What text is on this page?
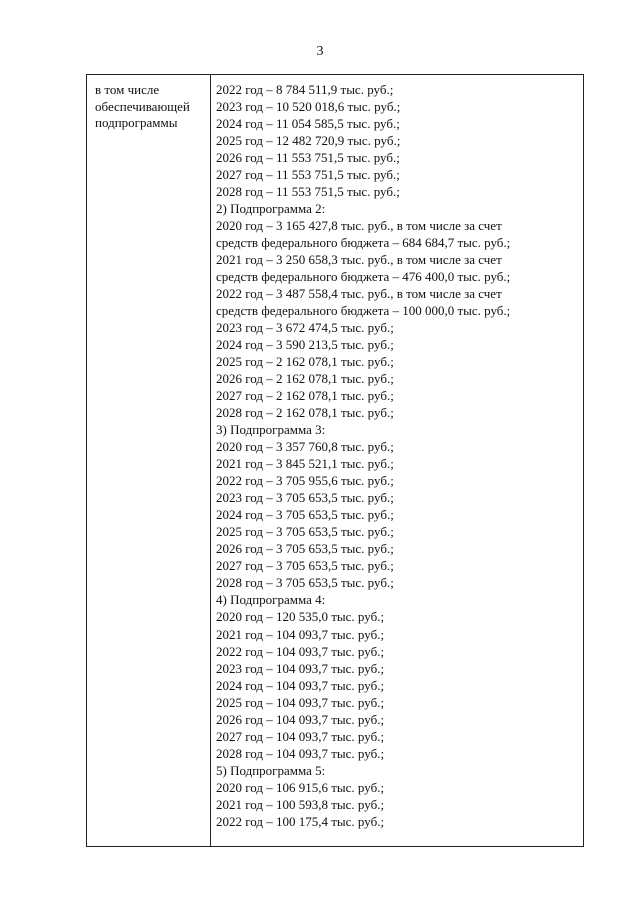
3
в том числе
обеспечивающей
подпрограммы
2022 год – 8 784 511,9 тыс. руб.;
2023 год – 10 520 018,6 тыс. руб.;
2024 год – 11 054 585,5 тыс. руб.;
2025 год – 12 482 720,9 тыс. руб.;
2026 год – 11 553 751,5 тыс. руб.;
2027 год – 11 553 751,5 тыс. руб.;
2028 год – 11 553 751,5 тыс. руб.;
2) Подпрограмма 2:
2020 год – 3 165 427,8 тыс. руб., в том числе за счет
средств федерального бюджета – 684 684,7 тыс. руб.;
2021 год – 3 250 658,3 тыс. руб., в том числе за счет
средств федерального бюджета – 476 400,0 тыс. руб.;
2022 год – 3 487 558,4 тыс. руб., в том числе за счет
средств федерального бюджета – 100 000,0 тыс. руб.;
2023 год – 3 672 474,5 тыс. руб.;
2024 год – 3 590 213,5 тыс. руб.;
2025 год – 2 162 078,1 тыс. руб.;
2026 год – 2 162 078,1 тыс. руб.;
2027 год – 2 162 078,1 тыс. руб.;
2028 год – 2 162 078,1 тыс. руб.;
3) Подпрограмма 3:
2020 год – 3 357 760,8 тыс. руб.;
2021 год – 3 845 521,1 тыс. руб.;
2022 год – 3 705 955,6 тыс. руб.;
2023 год – 3 705 653,5 тыс. руб.;
2024 год – 3 705 653,5 тыс. руб.;
2025 год – 3 705 653,5 тыс. руб.;
2026 год – 3 705 653,5 тыс. руб.;
2027 год – 3 705 653,5 тыс. руб.;
2028 год – 3 705 653,5 тыс. руб.;
4) Подпрограмма 4:
2020 год – 120 535,0 тыс. руб.;
2021 год – 104 093,7 тыс. руб.;
2022 год – 104 093,7 тыс. руб.;
2023 год – 104 093,7 тыс. руб.;
2024 год – 104 093,7 тыс. руб.;
2025 год – 104 093,7 тыс. руб.;
2026 год – 104 093,7 тыс. руб.;
2027 год – 104 093,7 тыс. руб.;
2028 год – 104 093,7 тыс. руб.;
5) Подпрограмма 5:
2020 год – 106 915,6 тыс. руб.;
2021 год – 100 593,8 тыс. руб.;
2022 год – 100 175,4 тыс. руб.;
